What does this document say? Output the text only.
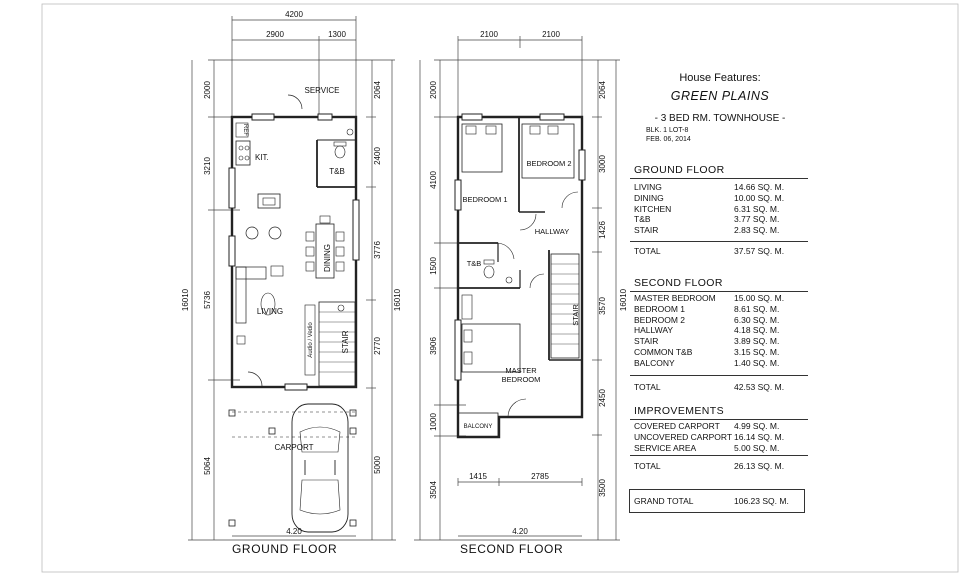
4200
2900	1300
4.20
16010	16010
2000
3210
5736
5064
2064
2400
3776
2770
5000
SERVICE
KIT.
REF
T&B
DINING
LIVING
STAIR
Audio / Vedio
CARPORT
2100	2100
1415	2785
4.20
16010
2000
4100
1500
3906
1000
3504
2064
3000
1426
3570
2450
3500
BEDROOM 1
BEDROOM 2
HALLWAY
T&B
STAIR
MASTER
BEDROOM
BALCONY
GROUND FLOOR	SECOND FLOOR
House Features:
GREEN PLAINS
- 3 BED RM. TOWNHOUSE -
BLK. 1 LOT-8
FEB. 06, 2014
GROUND FLOOR
LIVING	14.66 SQ. M.
DINING	10.00 SQ. M.
KITCHEN	6.31 SQ. M.
T&B	3.77 SQ. M.
STAIR	2.83 SQ. M.
TOTAL	37.57 SQ. M.
SECOND FLOOR
MASTER BEDROOM 15.00 SQ. M.
BEDROOM 1	8.61 SQ. M.
BEDROOM 2	6.30 SQ. M.
HALLWAY	4.18 SQ. M.
STAIR	3.89 SQ. M.
COMMON T&B	3.15 SQ. M.
BALCONY	1.40 SQ. M.
TOTAL	42.53 SQ. M.
IMPROVEMENTS
COVERED CARPORT 4.99 SQ. M.
UNCOVERED CARPORT 16.14 SQ. M.
SERVICE AREA	5.00 SQ. M.
TOTAL	26.13 SQ. M.
GRAND TOTAL	106.23 SQ. M.
